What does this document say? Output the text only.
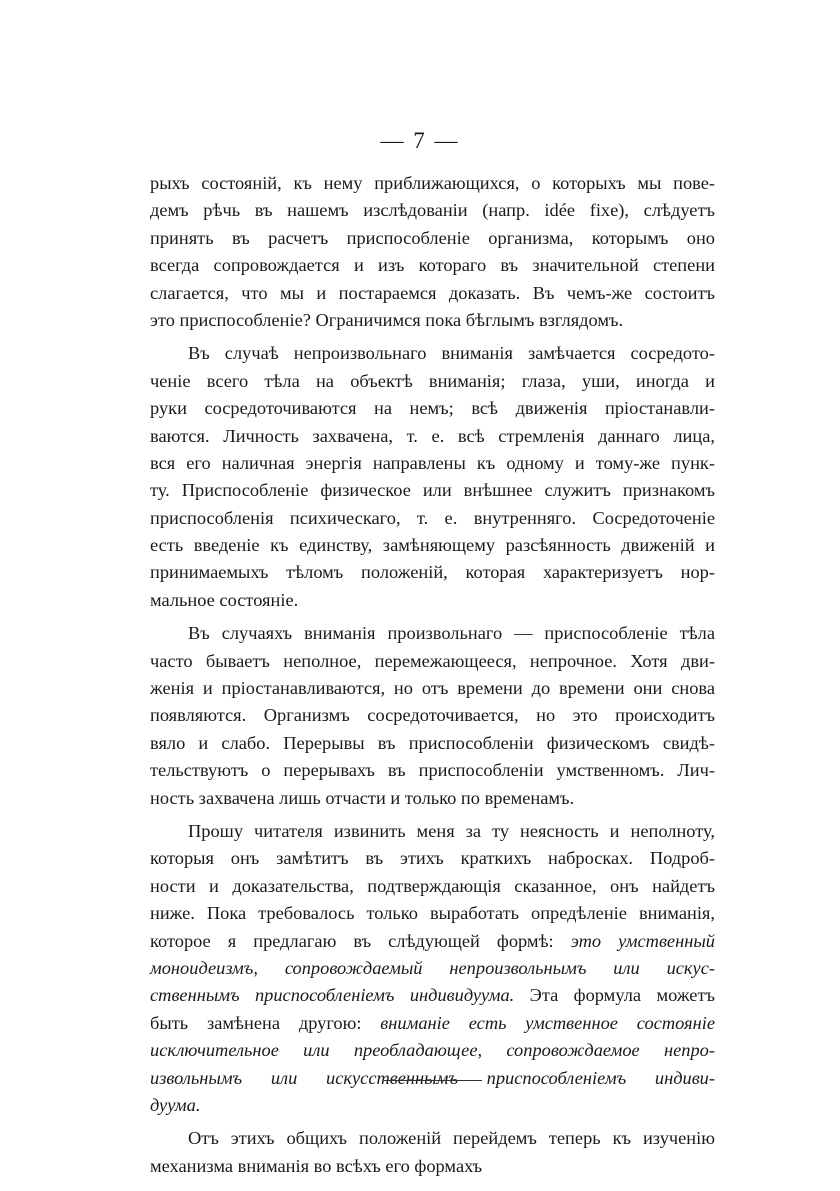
— 7 —
рыхъ состояній, къ нему приближающихся, о которыхъ мы пове-
демъ рѣчь въ нашемъ изслѣдованіи (напр. idée fixe), слѣдуетъ
принять въ расчетъ приспособленіе организма, которымъ оно
всегда сопровождается и изъ котораго въ значительной степени
слагается, что мы и постараемся доказать. Въ чемъ-же состоитъ
это приспособленіе? Ограничимся пока бѣглымъ взглядомъ.
Въ случаѣ непроизвольнаго вниманія замѣчается сосредото-
ченіе всего тѣла на объектѣ вниманія; глаза, уши, иногда и
руки сосредоточиваются на немъ; всѣ движенія пріостанавли-
ваются. Личность захвачена, т. е. всѣ стремленія даннаго лица,
вся его наличная энергія направлены къ одному и тому-же пунк-
ту. Приспособленіе физическое или внѣшнее служитъ признакомъ
приспособленія психическаго, т. е. внутренняго. Сосредоточеніе
есть введеніе къ единству, замѣняющему разсѣянность движеній и
принимаемыхъ тѣломъ положеній, которая характеризуетъ нор-
мальное состояніе.
Въ случаяхъ вниманія произвольнаго — приспособленіе тѣла
часто бываетъ неполное, перемежающееся, непрочное. Хотя дви-
женія и пріостанавливаются, но отъ времени до времени они снова
появляются. Организмъ сосредоточивается, но это происходитъ
вяло и слабо. Перерывы въ приспособленіи физическомъ свидѣ-
тельствуютъ о перерывахъ въ приспособленіи умственномъ. Лич-
ность захвачена лишь отчасти и только по временамъ.
Прошу читателя извинить меня за ту неясность и неполноту,
которыя онъ замѣтитъ въ этихъ краткихъ набросках. Подроб-
ности и доказательства, подтверждающія сказанное, онъ найдетъ
ниже. Пока требовалось только выработать опредѣленіе вниманія,
которое я предлагаю въ слѣдующей формѣ: это умственный
моноидеизмъ, сопровождаемый непроизвольнымъ или искус-
ственнымъ приспособленіемъ индивидуума. Эта формула можетъ
быть замѣнена другою: вниманіе есть умственное состояніе
исключительное или преобладающее, сопровождаемое непро-
извольнымъ или искусственнымъ приспособленіемъ индиви-
дуума.
Отъ этихъ общихъ положеній перейдемъ теперь къ изученію
механизма вниманія во всѣхъ его формахъ
